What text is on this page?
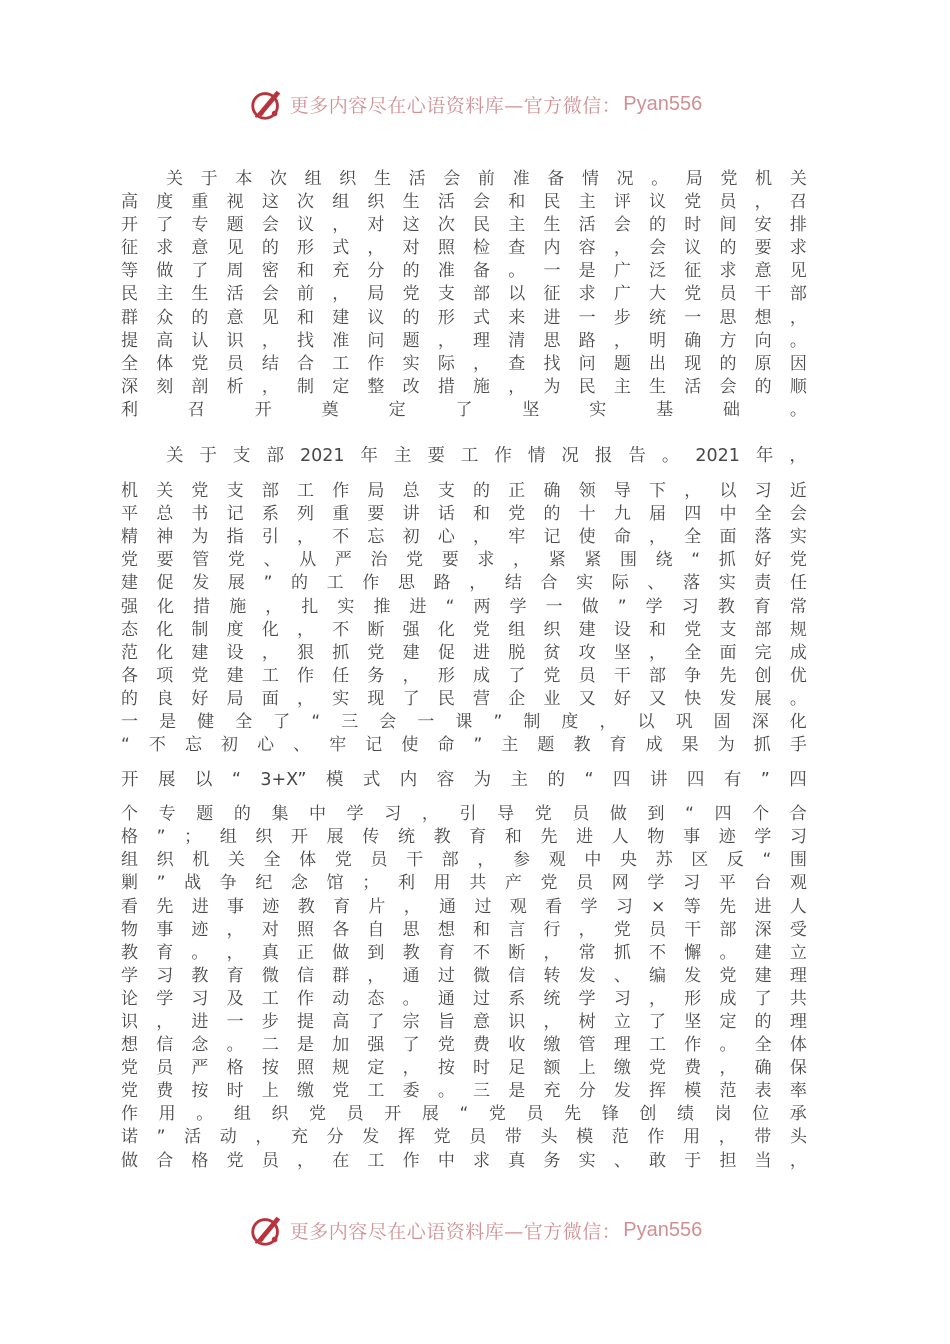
更多内容尽在心语资料库—官方微信： Pyan556
关 于 本 次 组 织 生 活 会 前 准 备 情 况 。 局 党 机 关
高 度 重 视 这 次 组 织 生 活 会 和 民 主 评 议 党 员 ， 召
开 了 专 题 会 议 ， 对 这 次 民 主 生 活 会 的 时 间 安 排
征 求 意 见 的 形 式 ， 对 照 检 查 内 容 ， 会 议 的 要 求
等 做 了 周 密 和 充 分 的 准 备 。 一 是 广 泛 征 求 意 见
民 主 生 活 会 前 ， 局 党 支 部 以 征 求 广 大 党 员 干 部
群 众 的 意 见 和 建 议 的 形 式 来 进 一 步 统 一 思 想 ，
提 高 认 识 ， 找 准 问 题 ， 理 清 思 路 ， 明 确 方 向 。
全 体 党 员 结 合 工 作 实 际 ， 查 找 问 题 出 现 的 原 因
深 刻 剖 析 ， 制 定 整 改 措 施 ， 为 民 主 生 活 会 的 顺
利	召	开	奠	定	了	坚	实	基	础	。
关 于 支 部 2021 年 主 要 工 作 情 况 报 告 。 2021 年 ，
机 关 党 支 部 工 作 局 总 支 的 正 确 领 导 下 ， 以 习 近
平 总 书 记 系 列 重 要 讲 话 和 党 的 十 九 届 四 中 全 会
精 神 为 指 引 ， 不 忘 初 心 ， 牢 记 使 命 ， 全 面 落 实
党 要 管 党 、 从 严 治 党 要 求 ， 紧 紧 围 绕 “ 抓 好 党
建 促 发 展 ” 的 工 作 思 路 ， 结 合 实 际 、 落 实 责 任
强 化 措 施 ， 扎 实 推 进 “ 两 学 一 做 ” 学 习 教 育 常
态 化 制 度 化 ， 不 断 强 化 党 组 织 建 设 和 党 支 部 规
范 化 建 设 ， 狠 抓 党 建 促 进 脱 贫 攻 坚 ， 全 面 完 成
各 项 党 建 工 作 任 务 ， 形 成 了 党 员 干 部 争 先 创 优
的 良 好 局 面 ， 实 现 了 民 营 企 业 又 好 又 快 发 展 。
一 是 健 全 了 “ 三 会 一 课 ” 制 度 ， 以 巩 固 深 化
“ 不 忘 初 心 、 牢 记 使 命 ” 主 题 教 育 成 果 为 抓 手
开 展 以 “ 3+X” 模 式 内 容 为 主 的 “ 四 讲 四 有 ” 四
个 专 题 的 集 中 学 习 ， 引 导 党 员 做 到 “ 四 个 合
格 ” ； 组 织 开 展 传 统 教 育 和 先 进 人 物 事 迹 学 习
组 织 机 关 全 体 党 员 干 部 ， 参 观 中 央 苏 区 反 “ 围
剿 ” 战 争 纪 念 馆 ； 利 用 共 产 党 员 网 学 习 平 台 观
看 先 进 事 迹 教 育 片 ， 通 过 观 看 学 习 × 等 先 进 人
物 事 迹 ， 对 照 各 自 思 想 和 言 行 ， 党 员 干 部 深 受
教 育 。 ， 真 正 做 到 教 育 不 断 ， 常 抓 不 懈 。 建 立
学 习 教 育 微 信 群 ， 通 过 微 信 转 发 、 编 发 党 建 理
论 学 习 及 工 作 动 态 。 通 过 系 统 学 习 ， 形 成 了 共
识 ， 进 一 步 提 高 了 宗 旨 意 识 ， 树 立 了 坚 定 的 理
想 信 念 。 二 是 加 强 了 党 费 收 缴 管 理 工 作 。 全 体
党 员 严 格 按 照 规 定 ， 按 时 足 额 上 缴 党 费 ， 确 保
党 费 按 时 上 缴 党 工 委 。 三 是 充 分 发 挥 模 范 表 率
作 用 。 组 织 党 员 开 展 “ 党 员 先 锋 创 绩 岗 位 承
诺 ” 活 动 ， 充 分 发 挥 党 员 带 头 模 范 作 用 ， 带 头
做 合 格 党 员 ， 在 工 作 中 求 真 务 实 、 敢 于 担 当 ，
更多内容尽在心语资料库—官方微信： Pyan556
